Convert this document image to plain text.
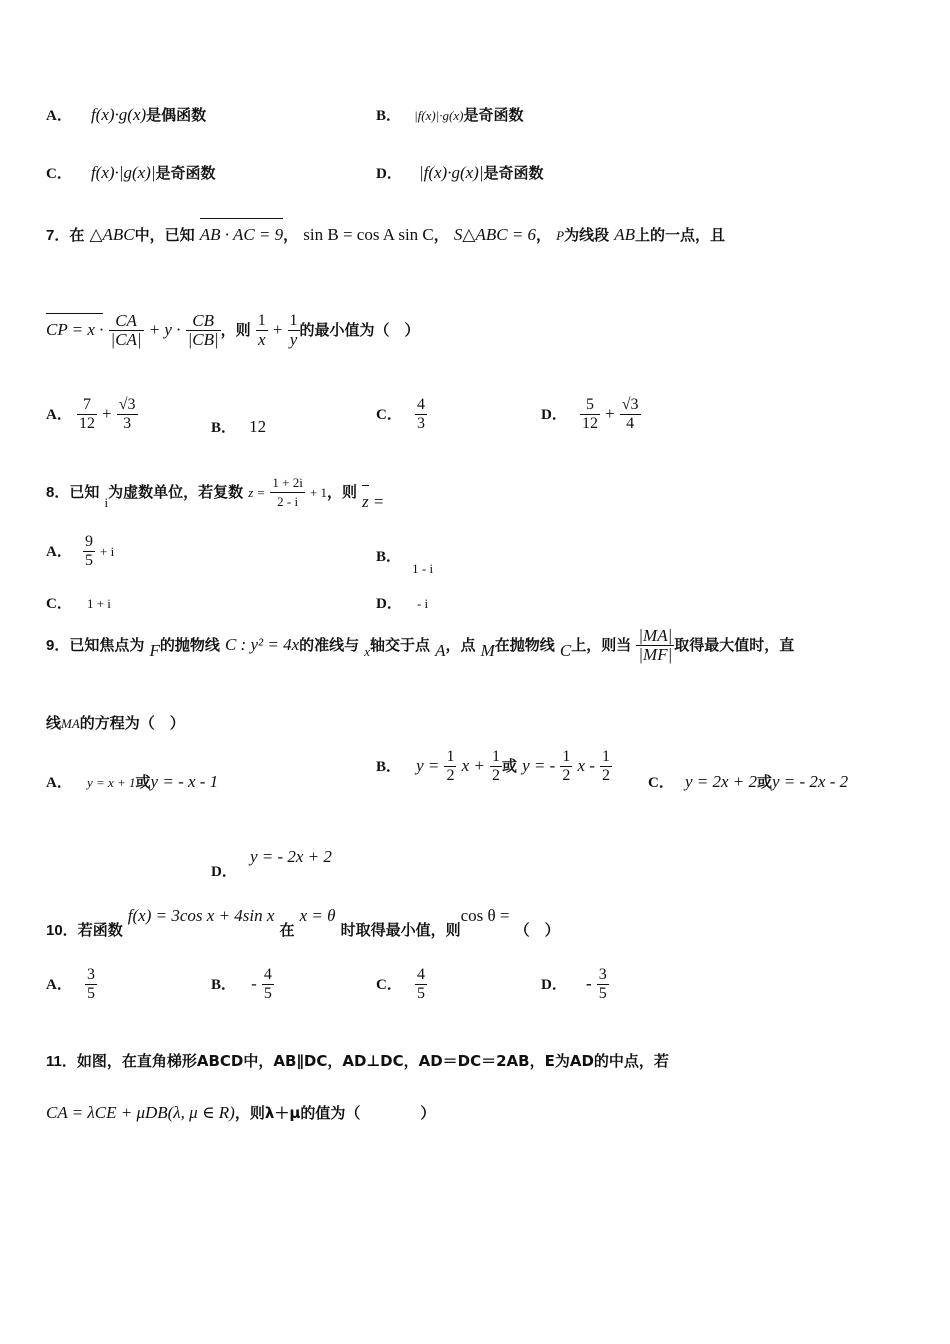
A． f(x)·g(x)是偶函数	B． |f(x)|·g(x)是奇函数
C． f(x)·|g(x)|是奇函数	D． |f(x)·g(x)|是奇函数
7．在 △ABC中，已知 AB · AC = 9， sin B = cos A sin C， S△ABC = 6， P为线段 AB上的一点，且
CP = $x \cdot \frac{CA}{|CA|} + y \cdot \frac{CB}{|CB|}$ ，则 $\frac{1}{x} + \frac{1}{y}$ 的最小值为（　）
A． $\frac{7}{12} + \frac{√3}{3}$	B． 12
C． $\frac{4}{3}$	D． $\frac{5}{12} + \frac{√3}{4}$
8．已知 $_i$为虚数单位，若复数 $z = \frac{1 + 2i}{2 - i} + 1$，则 z =
A． $\frac{9}{5} + i$	B． $_{1 - i}$
C． 1 + i	D． - i
9．已知焦点为 F的抛物线 C : y² = 4x的准线与 $_x$轴交于点 A，点 M在抛物线 C上，则当 $\frac{|MA|}{|MF|}$ 取得最大值时，直
线MA的方程为（　）
A． y = x + 1或y = - x - 1
B． $y = \frac{1}{2}$ $x + \frac{1}{2}$ 或 y = - $\frac{1}{2}$ x - $\frac{1}{2}$ C． y = 2x + 2或y = - 2x - 2
D． y = - 2x + 2
10．若函数 f(x) = 3cos x + 4sin x 在 x = θ 时取得最小值，则cos θ = （　）
A． $\frac{3}{5}$	B． - $\frac{4}{5}$	C． $\frac{4}{5}$	D． - $\frac{3}{5}$
11．如图，在直角梯形ABCD中，AB∥DC，AD⊥DC，AD＝DC＝2AB，E为AD的中点，若
CA = λCE + μDB(λ, μ ∈ R)，则λ＋μ的值为（　　　　）
